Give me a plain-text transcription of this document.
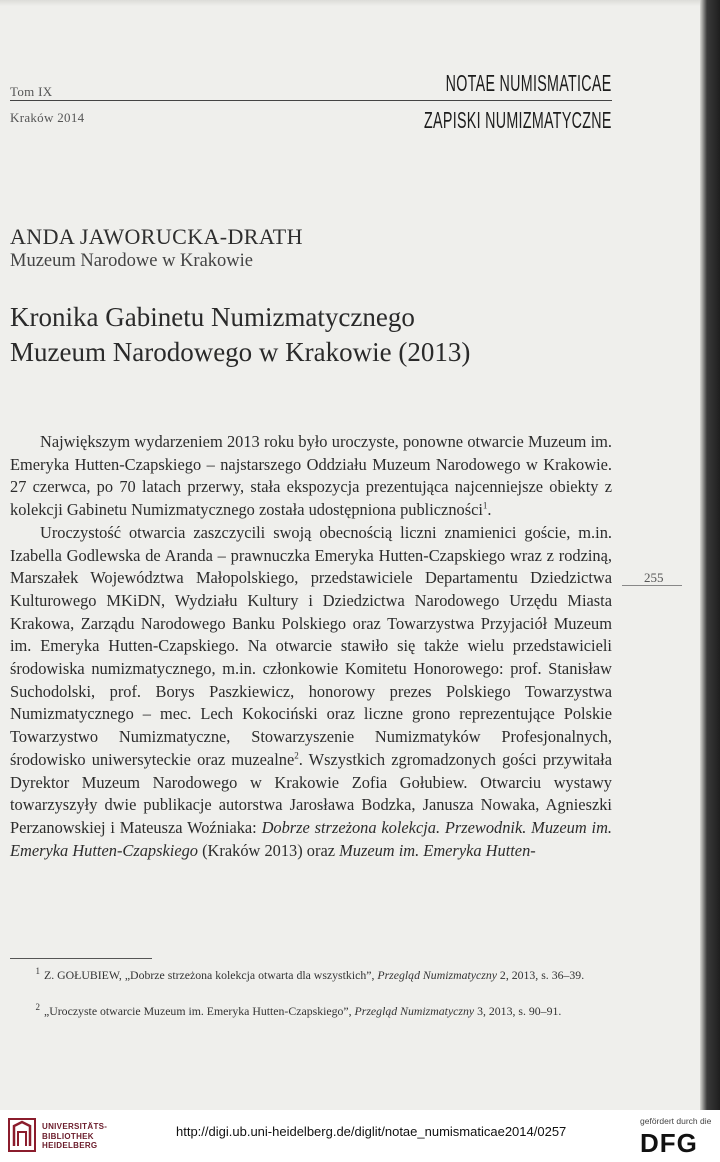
Tom IX
Kraków 2014
NOTAE NUMISMATICAE
ZAPISKI NUMIZMATYCZNE
ANDA JAWORUCKA-DRATH
Muzeum Narodowe w Krakowie
Kronika Gabinetu Numizmatycznego
Muzeum Narodowego w Krakowie (2013)

Największym wydarzeniem 2013 roku było uroczyste, ponowne otwarcie Muzeum im. Emeryka Hutten-Czapskiego – najstarszego Oddziału Muzeum Narodowego w Krakowie. 27 czerwca, po 70 latach przerwy, stała ekspozycja prezentująca najcenniejsze obiekty z kolekcji Gabinetu Numizmatycznego została udostępniona publiczności$^1$.

Uroczystość otwarcia zaszczycili swoją obecnością liczni znamienici goście, m.in. Izabella Godlewska de Aranda – prawnuczka Emeryka Hutten-Czapskiego wraz z rodziną, Marszałek Województwa Małopolskiego, przedstawiciele Departamentu Dziedzictwa Kulturowego MKiDN, Wydziału Kultury i Dziedzictwa Narodowego Urzędu Miasta Krakowa, Zarządu Narodowego Banku Polskiego oraz Towarzystwa Przyjaciół Muzeum im. Emeryka Hutten-Czapskiego. Na otwarcie stawiło się także wielu przedstawicieli środowiska numizmatycznego, m.in. członkowie Komitetu Honorowego: prof. Stanisław Suchodolski, prof. Borys Paszkiewicz, honorowy prezes Polskiego Towarzystwa Numizmatycznego – mec. Lech Kokociński oraz liczne grono reprezentujące Polskie Towarzystwo Numizmatyczne, Stowarzyszenie Numizmatyków Profesjonalnych, środowisko uniwersyteckie oraz muzealne$^2$. Wszystkich zgromadzonych gości przywitała Dyrektor Muzeum Narodowego w Krakowie Zofia Gołubiew. Otwarciu wystawy towarzyszyły dwie publikacje autorstwa Jarosława Bodzka, Janusza Nowaka, Agnieszki Perzanowskiej i Mateusza Woźniaka: Dobrze strzeżona kolekcja. Przewodnik. Muzeum im. Emeryka Hutten-Czapskiego (Kraków 2013) oraz Muzeum im. Emeryka Hutten-

255
$^1$ Z. GOŁUBIEW, „Dobrze strzeżona kolekcja otwarta dla wszystkich”, Przegląd Numizmatyczny 2, 2013, s. 36–39.
$^2$ „Uroczyste otwarcie Muzeum im. Emeryka Hutten-Czapskiego”, Przegląd Numizmatyczny 3, 2013, s. 90–91.
UNIVERSITÄTS-
BIBLIOTHEK
HEIDELBERG
http://digi.ub.uni-heidelberg.de/diglit/notae_numismaticae2014/0257
gefördert durch die
DFG
